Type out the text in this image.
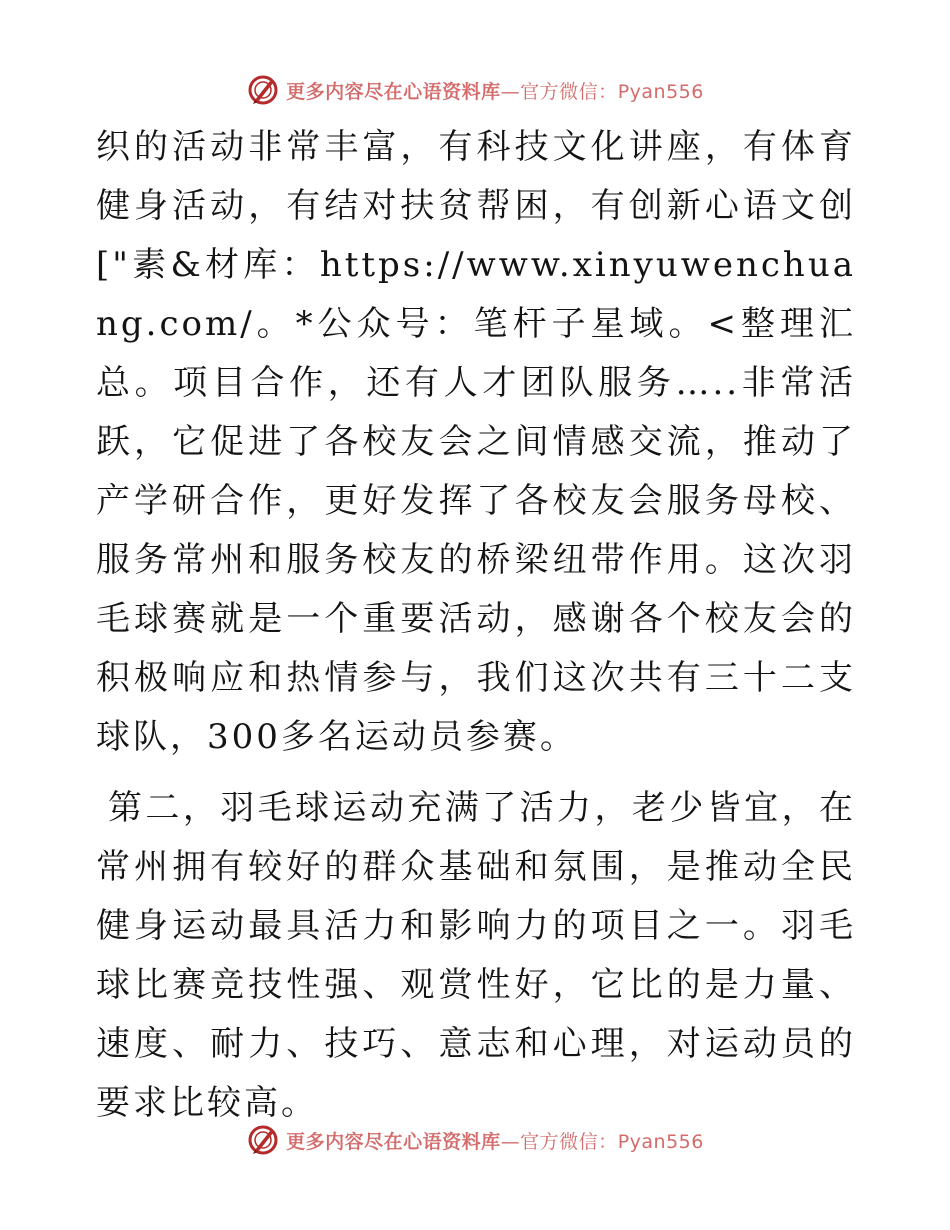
更多内容尽在心语资料库—官方微信：Pyan556

织的活动非常丰富，有科技文化讲座，有体育健身活动，有结对扶贫帮困，有创新心语文创["素&材库：https://www.xinyuwenchuang.com/。*公众号：笔杆子星域。<整理汇总。项目合作，还有人才团队服务…..非常活跃，它促进了各校友会之间情感交流，推动了产学研合作，更好发挥了各校友会服务母校、服务常州和服务校友的桥梁纽带作用。这次羽毛球赛就是一个重要活动，感谢各个校友会的积极响应和热情参与，我们这次共有三十二支球队，300多名运动员参赛。

第二，羽毛球运动充满了活力，老少皆宜，在常州拥有较好的群众基础和氛围，是推动全民健身运动最具活力和影响力的项目之一。羽毛球比赛竞技性强、观赏性好，它比的是力量、速度、耐力、技巧、意志和心理，对运动员的要求比较高。

更多内容尽在心语资料库—官方微信：Pyan556
